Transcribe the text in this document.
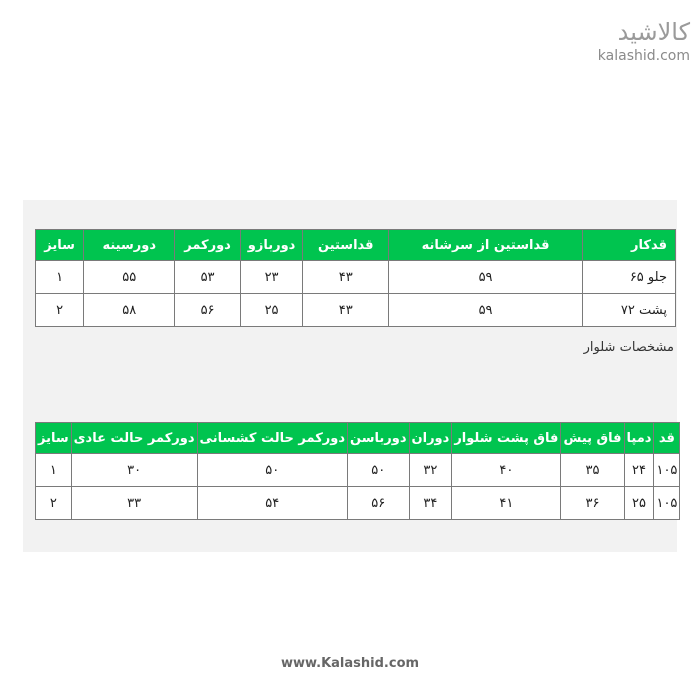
کالاشید
kalashid.com
قدکار	قداستین از سرشانه	قداستین	دوربازو	دورکمر	دورسینه	سایز
جلو ۶۵	۵۹	۴۳	۲۳	۵۳	۵۵	۱
پشت ۷۲	۵۹	۴۳	۲۵	۵۶	۵۸	۲
مشخصات شلوار
قد	دمپا	فاق پیش	فاق پشت شلوار	دوران	دورباسن	دورکمر حالت کشسانی	دورکمر حالت عادی	سایز
۱۰۵	۲۴	۳۵	۴۰	۳۲	۵۰	۵۰	۳۰	۱
۱۰۵	۲۵	۳۶	۴۱	۳۴	۵۶	۵۴	۳۳	۲
www.Kalashid.com
